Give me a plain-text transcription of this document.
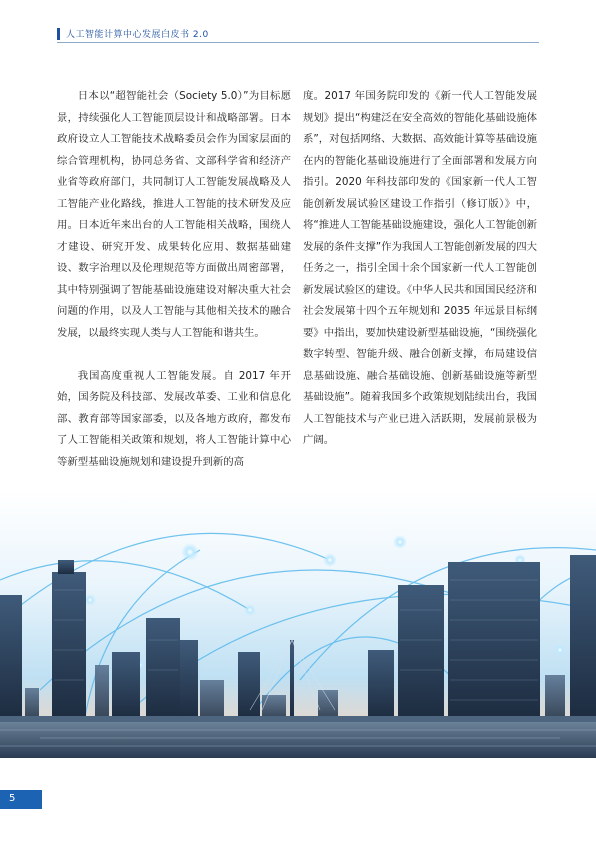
人工智能计算中心发展白皮书 2.0

日本以“超智能社会（Society 5.0）”为目标愿景，持续强化人工智能顶层设计和战略部署。日本政府设立人工智能技术战略委员会作为国家层面的综合管理机构，协同总务省、文部科学省和经济产业省等政府部门，共同制订人工智能发展战略及人工智能产业化路线，推进人工智能的技术研发及应用。日本近年来出台的人工智能相关战略，围绕人才建设、研究开发、成果转化应用、数据基础建设、数字治理以及伦理规范等方面做出周密部署，其中特别强调了智能基础设施建设对解决重大社会问题的作用，以及人工智能与其他相关技术的融合发展，以最终实现人类与人工智能和谐共生。

我国高度重视人工智能发展。自 2017 年开始，国务院及科技部、发展改革委、工业和信息化部、教育部等国家部委，以及各地方政府，都发布了人工智能相关政策和规划，将人工智能计算中心等新型基础设施规划和建设提升到新的高

度。2017 年国务院印发的《新一代人工智能发展规划》提出“构建泛在安全高效的智能化基础设施体系”，对包括网络、大数据、高效能计算等基础设施在内的智能化基础设施进行了全面部署和发展方向指引。2020 年科技部印发的《国家新一代人工智能创新发展试验区建设工作指引（修订版）》中，将“推进人工智能基础设施建设，强化人工智能创新发展的条件支撑”作为我国人工智能创新发展的四大任务之一，指引全国十余个国家新一代人工智能创新发展试验区的建设。《中华人民共和国国民经济和社会发展第十四个五年规划和 2035 年远景目标纲要》中指出，要加快建设新型基础设施，“围绕强化数字转型、智能升级、融合创新支撑，布局建设信息基础设施、融合基础设施、创新基础设施等新型基础设施”。随着我国多个政策规划陆续出台，我国人工智能技术与产业已进入活跃期，发展前景极为广阔。

5
